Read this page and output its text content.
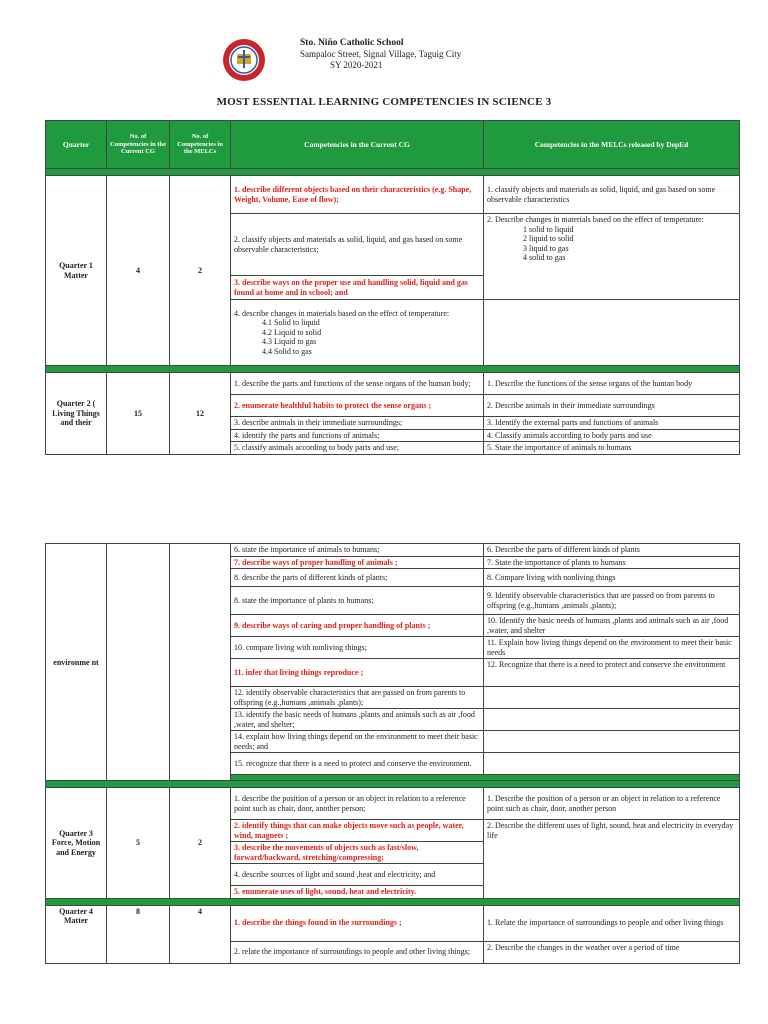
Sto. Niño Catholic School
Sampaloc Street, Signal Village, Taguig City
SY 2020-2021
MOST ESSENTIAL LEARNING COMPETENCIES IN SCIENCE 3
Quarter	No. of Competencies in the Current CG	No. of Competencies in the MELCs	Competencies in the Current CG	Competencies in the MELCs released by DepEd

Quarter 1 Matter	4	2	1. describe different objects based on their characteristics (e.g. Shape, Weight, Volume, Ease of flow);	1. classify objects and materials as solid, liquid, and gas based on some observable characteristics
			2. classify objects and materials as solid, liquid, and gas based on some observable characteristics;	2. Describe changes in materials based on the effect of temperature:
1 solid to liquid
2 liquid to solid
3 liquid to gas
4 solid to gas

			3. describe ways on the proper use and handling solid, liquid and gas found at home and in school; and	
			4. describe changes in materials based on the effect of temperature:
4.1 Solid to liquid
4.2 Liquid to solid
4.3 Liquid to gas
4.4 Solid to gas	

Quarter 2 ( Living Things and their	15	12	1. describe the parts and functions of the sense organs of the human body;	1. Describe the functions of the sense organs of the human body
			2. enumerate healthful habits to protect the sense organs ;	2. Describe animals in their immediate surroundings
			3. describe animals in their immediate surroundings;	3. Identify the external parts and functions of animals
			4. identify the parts and functions of animals;	4. Classify animals according to body parts and use
			5. classify animals according to body parts and use;	5. State the importance of animals to humans
environme nt			6. state the importance of animals to humans;	6. Describe the parts of different kinds of plants
			7. describe ways of proper handling of animals ;	7. State the importance of plants to humans
			8. describe the parts of different kinds of plants;	8. Compare living with nonliving things
			8. state the importance of plants to humans;	9. Identify observable characteristics that are passed on from parents to offspring (e.g.,humans ,animals ,plants);
			9. describe ways of caring and proper handling of plants ;	10. Identify the basic needs of humans ,plants and animals such as air ,food ,water, and shelter
			10. compare living with nonliving things;	11. Explain how living things depend on the environment to meet their basic needs
			11. infer that living things reproduce ;	12. Recognize that there is a need to protect and conserve the environment
			12. identify observable characteristics that are passed on from parents to offspring (e.g.,humans ,animals ,plants);	
			13. identify the basic needs of humans ,plants and animals such as air ,food ,water, and shelter;	
			14. explain how living things depend on the environment to meet their basic needs; and	
			15. recognize that there is a need to protect and conserve the environment.	

Quarter 3 Force, Motion and Energy	5	2	1. describe the position of a person or an object in relation to a reference point such as chair, door, another person;	1. Describe the position of a person or an object in relation to a reference point such as chair, door, another person
			2. identify things that can make objects move such as people, water, wind, magnets ;	2. Describe the different uses of light, sound, heat and electricity in everyday life
			3. describe the movements of objects such as fast/slow, forward/backward, stretching/compressing;	
			4. describe sources of light and sound ,heat and electricity; and	
			5. enumerate uses of light, sound, heat and electricity.	

Quarter 4 Matter	8	4	1. describe the things found in the surroundings ;	1. Relate the importance of surroundings to people and other living things
			2. relate the importance of surroundings to people and other living things;	2. Describe the changes in the weather over a period of time
